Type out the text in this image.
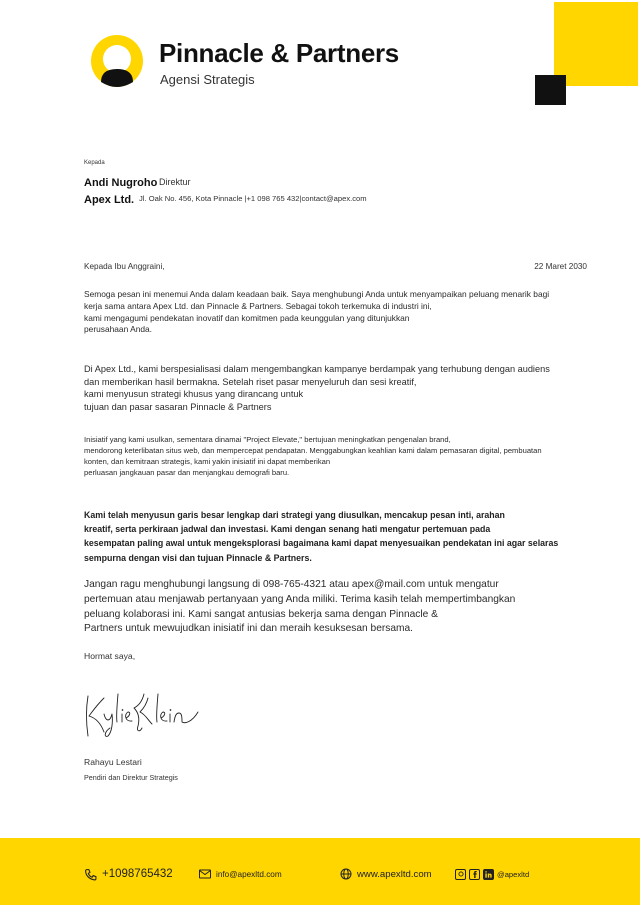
Pinnacle & Partners
Agensi Strategis
Kepada
Andi Nugroho Direktur
Apex Ltd. Jl. Oak No. 456, Kota Pinnacle |+1 098 765 432|contact@apex.com
Kepada Ibu Anggraini,	22 Maret 2030
Semoga pesan ini menemui Anda dalam keadaan baik. Saya menghubungi Anda untuk menyampaikan peluang menarik bagi
kerja sama antara Apex Ltd. dan Pinnacle & Partners. Sebagai tokoh terkemuka di industri ini,
kami mengagumi pendekatan inovatif dan komitmen pada keunggulan yang ditunjukkan
perusahaan Anda.
Di Apex Ltd., kami berspesialisasi dalam mengembangkan kampanye berdampak yang terhubung dengan audiens
dan memberikan hasil bermakna. Setelah riset pasar menyeluruh dan sesi kreatif,
kami menyusun strategi khusus yang dirancang untuk
tujuan dan pasar sasaran Pinnacle & Partners
Inisiatif yang kami usulkan, sementara dinamai "Project Elevate," bertujuan meningkatkan pengenalan brand,
mendorong keterlibatan situs web, dan mempercepat pendapatan. Menggabungkan keahlian kami dalam pemasaran digital, pembuatan
konten, dan kemitraan strategis, kami yakin inisiatif ini dapat memberikan
perluasan jangkauan pasar dan menjangkau demografi baru.
Kami telah menyusun garis besar lengkap dari strategi yang diusulkan, mencakup pesan inti, arahan
kreatif, serta perkiraan jadwal dan investasi. Kami dengan senang hati mengatur pertemuan pada
kesempatan paling awal untuk mengeksplorasi bagaimana kami dapat menyesuaikan pendekatan ini agar selaras
sempurna dengan visi dan tujuan Pinnacle & Partners.
Jangan ragu menghubungi langsung di 098-765-4321 atau apex@mail.com untuk mengatur
pertemuan atau menjawab pertanyaan yang Anda miliki. Terima kasih telah mempertimbangkan
peluang kolaborasi ini. Kami sangat antusias bekerja sama dengan Pinnacle &
Partners untuk mewujudkan inisiatif ini dan meraih kesuksesan bersama.
Hormat saya,
Rahayu Lestari
Pendiri dan Direktur Strategis
+1098765432	info@apexltd.com	www.apexltd.com	@apexltd
